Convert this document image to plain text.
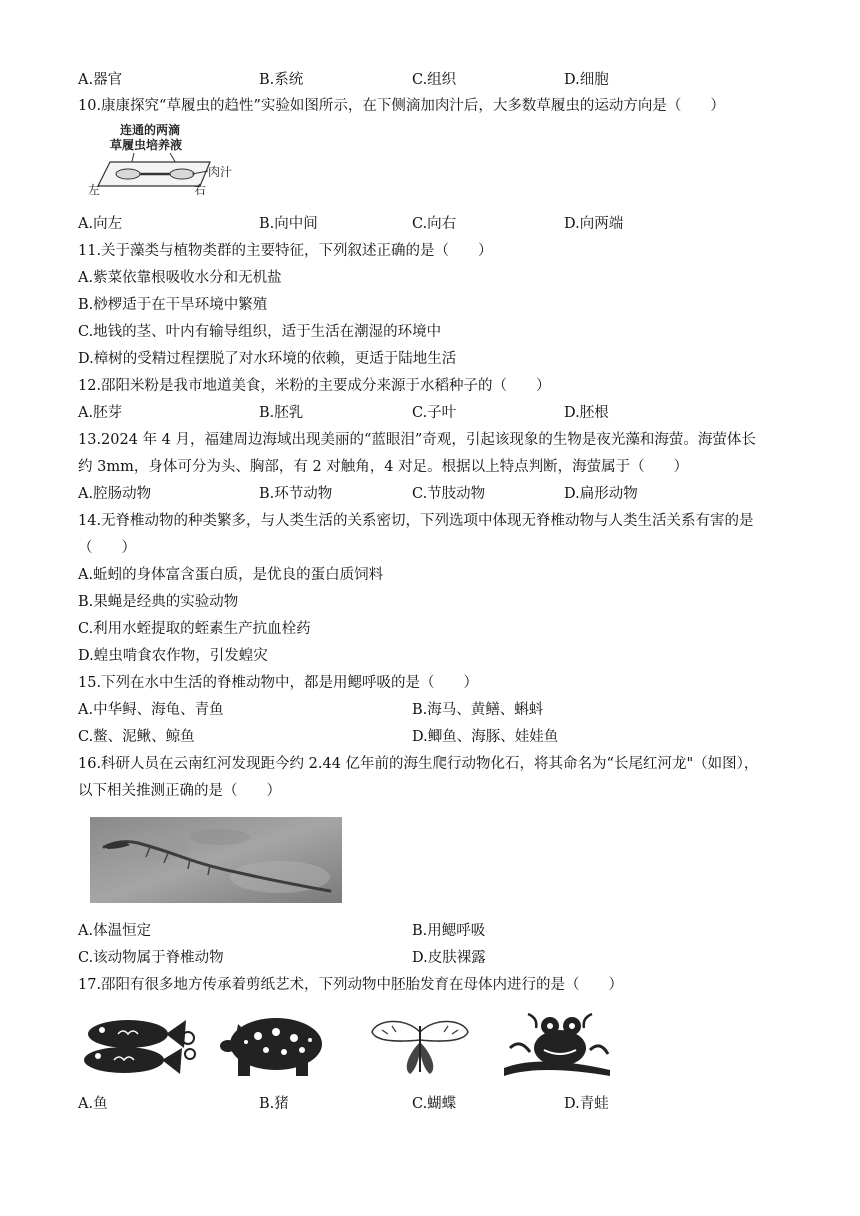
A.器官	B.系统	C.组织	D.细胞
10.康康探究“草履虫的趋性”实验如图所示，在下侧滴加肉汁后，大多数草履虫的运动方向是（　　）
连通的两滴
草履虫培养液
肉汁
左	右
A.向左	B.向中间	C.向右	D.向两端
11.关于藻类与植物类群的主要特征，下列叙述正确的是（　　）
A.紫菜依靠根吸收水分和无机盐
B.桫椤适于在干旱环境中繁殖
C.地钱的茎、叶内有输导组织，适于生活在潮湿的环境中
D.樟树的受精过程摆脱了对水环境的依赖，更适于陆地生活
12.邵阳米粉是我市地道美食，米粉的主要成分来源于水稻种子的（　　）
A.胚芽	B.胚乳	C.子叶	D.胚根
13.2024 年 4 月，福建周边海域出现美丽的“蓝眼泪”奇观，引起该现象的生物是夜光藻和海萤。海萤体长
约 3mm，身体可分为头、胸部，有 2 对触角，4 对足。根据以上特点判断，海萤属于（　　）
A.腔肠动物	B.环节动物	C.节肢动物	D.扁形动物
14.无脊椎动物的种类繁多，与人类生活的关系密切，下列选项中体现无脊椎动物与人类生活关系有害的是
（　　）
A.蚯蚓的身体富含蛋白质，是优良的蛋白质饲料
B.果蝇是经典的实验动物
C.利用水蛭提取的蛭素生产抗血栓药
D.蝗虫啃食农作物，引发蝗灾
15.下列在水中生活的脊椎动物中，都是用鳃呼吸的是（　　）
A.中华鲟、海龟、青鱼	B.海马、黄鳝、蝌蚪
C.鳖、泥鳅、鲸鱼	D.鲫鱼、海豚、娃娃鱼
16.科研人员在云南红河发现距今约 2.44 亿年前的海生爬行动物化石，将其命名为“长尾红河龙"（如图），
以下相关推测正确的是（　　）
A.体温恒定	B.用鳃呼吸
C.该动物属于脊椎动物	D.皮肤裸露
17.邵阳有很多地方传承着剪纸艺术，下列动物中胚胎发育在母体内进行的是（　　）
A.鱼	B.猪	C.蝴蝶	D.青蛙
